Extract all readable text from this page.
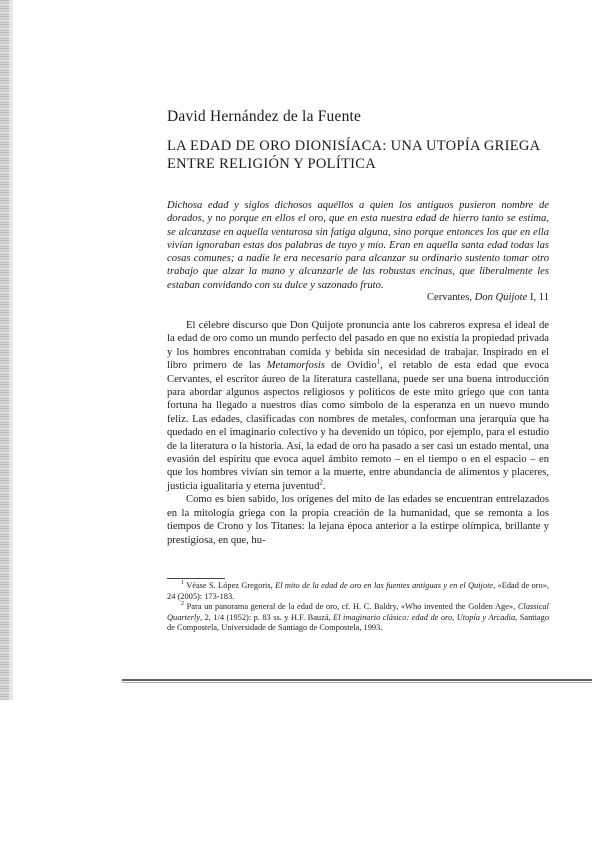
David Hernández de la Fuente
LA EDAD DE ORO DIONISÍACA: UNA UTOPÍA GRIEGA ENTRE RELIGIÓN Y POLÍTICA
Dichosa edad y siglos dichosos aquéllos a quien los antiguos pusieron nombre de dorados, y no porque en ellos el oro, que en esta nuestra edad de hierro tanto se estima, se alcanzase en aquella venturosa sin fatiga alguna, sino porque entonces los que en ella vivían ignoraban estas dos palabras de tuyo y mío. Eran en aquella santa edad todas las cosas comunes; a nadie le era necesario para alcanzar su ordinario sustento tomar otro trabajo que alzar la mano y alcanzarle de las robustas encinas, que liberalmente les estaban convidando con su dulce y sazonado fruto.
Cervantes, Don Quijote I, 11

El célebre discurso que Don Quijote pronuncia ante los cabreros expresa el ideal de la edad de oro como un mundo perfecto del pasado en que no existía la propiedad privada y los hombres encontraban comida y bebida sin necesidad de trabajar. Inspirado en el libro primero de las Metamorfosis de Ovidio$^1$, el retablo de esta edad que evoca Cervantes, el escritor áureo de la literatura castellana, puede ser una buena introducción para abordar algunos aspectos religiosos y políticos de este mito griego que con tanta fortuna ha llegado a nuestros días como símbolo de la esperanza en un nuevo mundo feliz. Las edades, clasificadas con nombres de metales, conforman una jerarquía que ha quedado en el imaginario colectivo y ha devenido un tópico, por ejemplo, para el estudio de la literatura o la historia. Así, la edad de oro ha pasado a ser casi un estado mental, una evasión del espíritu que evoca aquel ámbito remoto – en el tiempo o en el espacio – en que los hombres vivían sin temor a la muerte, entre abundancia de alimentos y placeres, justicia igualitaria y eterna juventud$^2$.

Como es bien sabido, los orígenes del mito de las edades se encuentran entrelazados en la mitología griega con la propia creación de la humanidad, que se remonta a los tiempos de Crono y los Titanes: la lejana época anterior a la estirpe olímpica, brillante y prestigiosa, en que, hu-

$^1$ Véase S. López Gregoris, El mito de la edad de oro en las fuentes antiguas y en el Quijote, «Edad de oro», 24 (2005): 173-183.

$^2$ Para un panorama general de la edad de oro, cf. H. C. Baldry, «Who invented the Golden Age», Classical Quarterly, 2, 1/4 (1952): p. 83 ss. y H.F. Bauzá, El imaginario clásico: edad de oro, Utopía y Arcadia, Santiago de Compostela, Universidade de Santiago de Compostela, 1993.
